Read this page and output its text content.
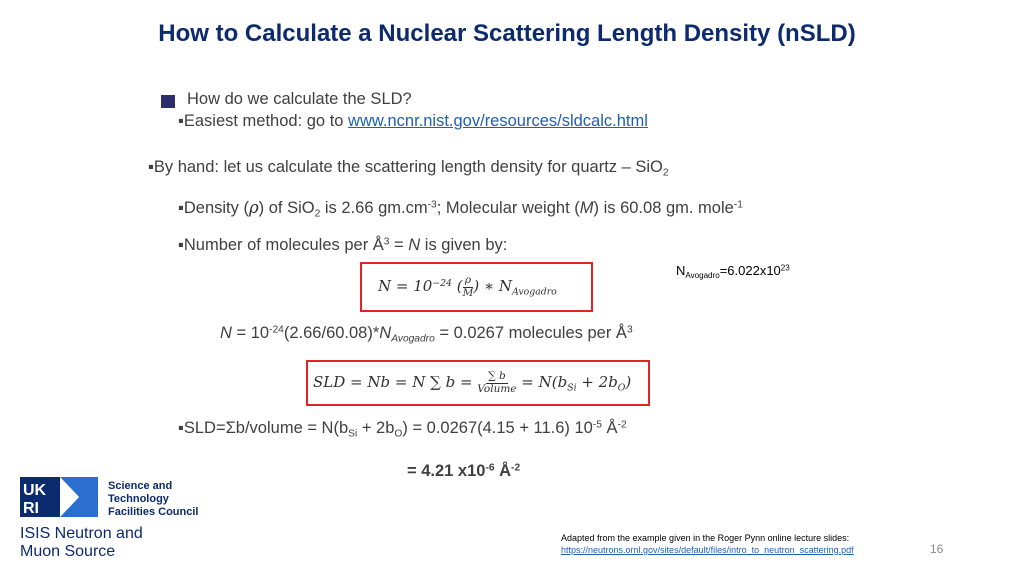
How to Calculate a Nuclear Scattering Length Density (nSLD)
How do we calculate the SLD?
▪Easiest method: go to www.ncnr.nist.gov/resources/sldcalc.html
▪By hand: let us calculate the scattering length density for quartz – SiO$_2$
▪Density (ρ) of SiO$_2$ is 2.66 $gm.cm^{-3}$; Molecular weight (M) is 60.08 gm. mole$^{-1}$
▪Number of molecules per $Å^3 = N$ is given by:
$N = 10^{-24}$ ( $\frac{\rho}{M}$ ) ∗ $N_{Avogadro}$
$N_{Avogadro}=6.022x10^{23}$
$N = 10^{-24}(2.66/60.08)*N_{Avogadro} = 0.0267$ molecules per $Å^3$
SLD = Nb = N ∑ $b = \frac{\sum b}{\text{Volume}} = N(b_{Si} + 2b_O)$
▪SLD=Σb/volume = $N(b_{Si} + 2b_O) = 0.0267(4.15 + 11.6)$ $10^{-5}$ $Å^{-2}$
= 4.21 $x10^{-6}$ $Å^{-2}$
UK
RI
Science and Technology Facilities Council
ISIS Neutron and Muon Source
Adapted from the example given in the Roger Pynn online lecture slides:
https://neutrons.ornl.gov/sites/default/files/intro_to_neutron_scattering.pdf	16
